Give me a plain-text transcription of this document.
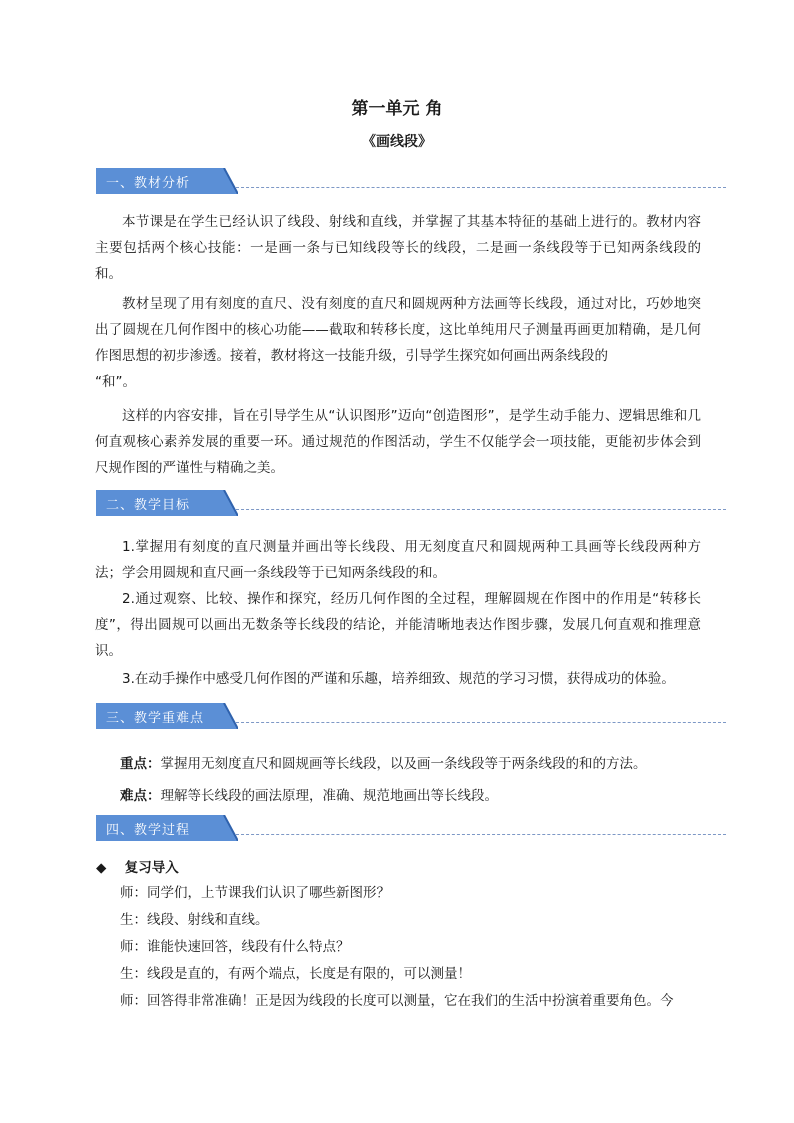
第一单元 角
《画线段》
一、教材分析

本节课是在学生已经认识了线段、射线和直线，并掌握了其基本特征的基础上进行的。教材内容主要包括两个核心技能：一是画一条与已知线段等长的线段，二是画一条线段等于已知两条线段的和。

教材呈现了用有刻度的直尺、没有刻度的直尺和圆规两种方法画等长线段，通过对比，巧妙地突出了圆规在几何作图中的核心功能——截取和转移长度，这比单纯用尺子测量再画更加精确，是几何作图思想的初步渗透。接着，教材将这一技能升级，引导学生探究如何画出两条线段的

“和”。

这样的内容安排，旨在引导学生从“认识图形”迈向“创造图形”，是学生动手能力、逻辑思维和几何直观核心素养发展的重要一环。通过规范的作图活动，学生不仅能学会一项技能，更能初步体会到尺规作图的严谨性与精确之美。

二、教学目标

1.掌握用有刻度的直尺测量并画出等长线段、用无刻度直尺和圆规两种工具画等长线段两种方法；学会用圆规和直尺画一条线段等于已知两条线段的和。

2.通过观察、比较、操作和探究，经历几何作图的全过程，理解圆规在作图中的作用是“转移长度”，得出圆规可以画出无数条等长线段的结论，并能清晰地表达作图步骤，发展几何直观和推理意识。

3.在动手操作中感受几何作图的严谨和乐趣，培养细致、规范的学习习惯，获得成功的体验。

三、教学重难点
重点：掌握用无刻度直尺和圆规画等长线段，以及画一条线段等于两条线段的和的方法。
难点：理解等长线段的画法原理，准确、规范地画出等长线段。
四、教学过程
◆ 复习导入
师：同学们，上节课我们认识了哪些新图形？
生：线段、射线和直线。
师：谁能快速回答，线段有什么特点？
生：线段是直的，有两个端点，长度是有限的，可以测量！
师：回答得非常准确！正是因为线段的长度可以测量，它在我们的生活中扮演着重要角色。今
